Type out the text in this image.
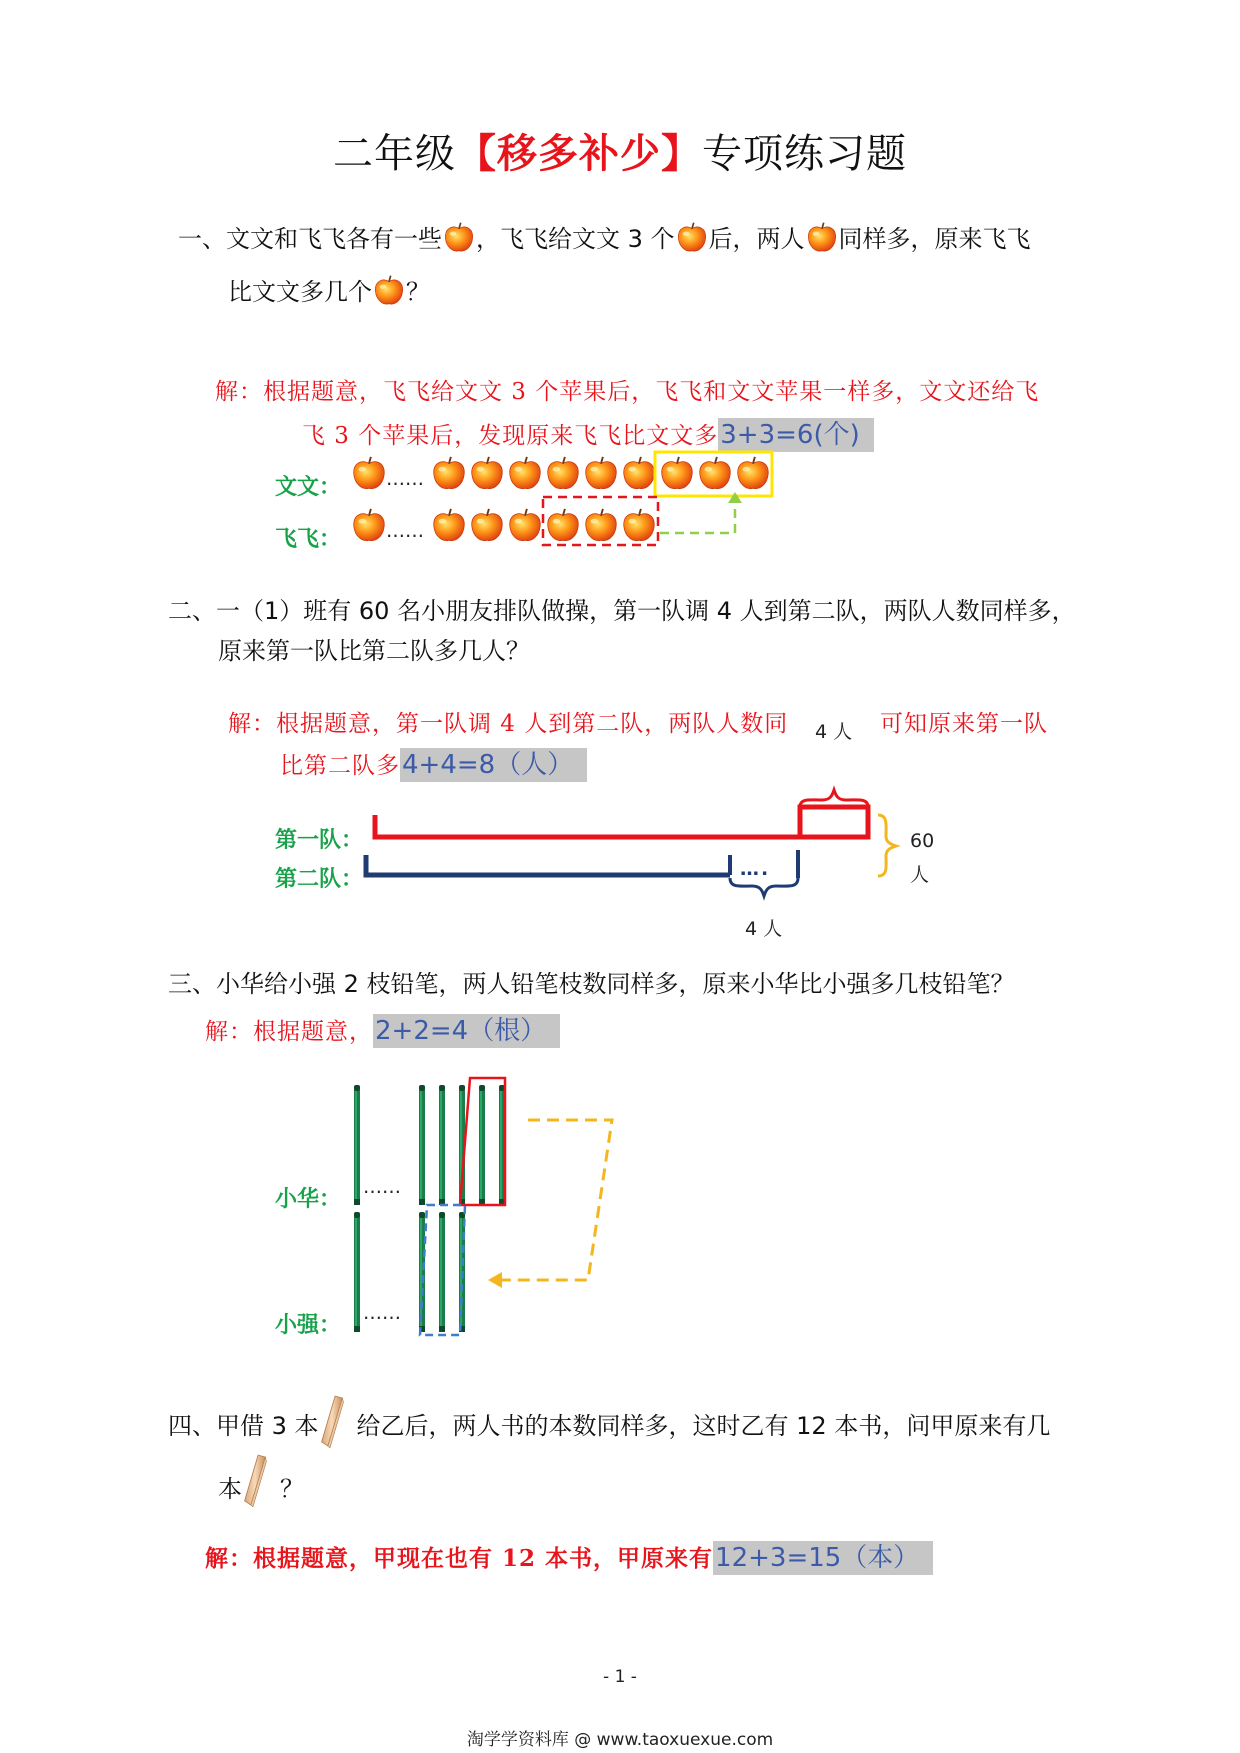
二年级【移多补少】专项练习题
一、文文和飞飞各有一些 ，飞飞给文文 3 个 后，两人 同样多，原来飞飞
比文文多几个 ？
解：根据题意，飞飞给文文 3 个苹果后，飞飞和文文苹果一样多，文文还给飞
飞 3 个苹果后，发现原来飞飞比文文多3+3=6(个)
文文：
飞飞：
……
……
二、一（1）班有 60 名小朋友排队做操，第一队调 4 人到第二队，两队人数同样多，
原来第一队比第二队多几人？
解：根据题意，第一队调 4 人到第二队，两队人数同 4 人 可知原来第一队
比第二队多4+4=8（人）
第一队：
第二队：
60
人
4 人
….
三、小华给小强 2 枝铅笔，两人铅笔枝数同样多，原来小华比小强多几枝铅笔？
解：根据题意，2+2=4（根）
小华：
小强：
……
……
四、甲借 3 本 给乙后，两人书的本数同样多，这时乙有 12 本书，问甲原来有几
本 ？
解：根据题意，甲现在也有 12 本书，甲原来有12+3=15（本）
- 1 -
淘学学资料库 @ www.taoxuexue.com
